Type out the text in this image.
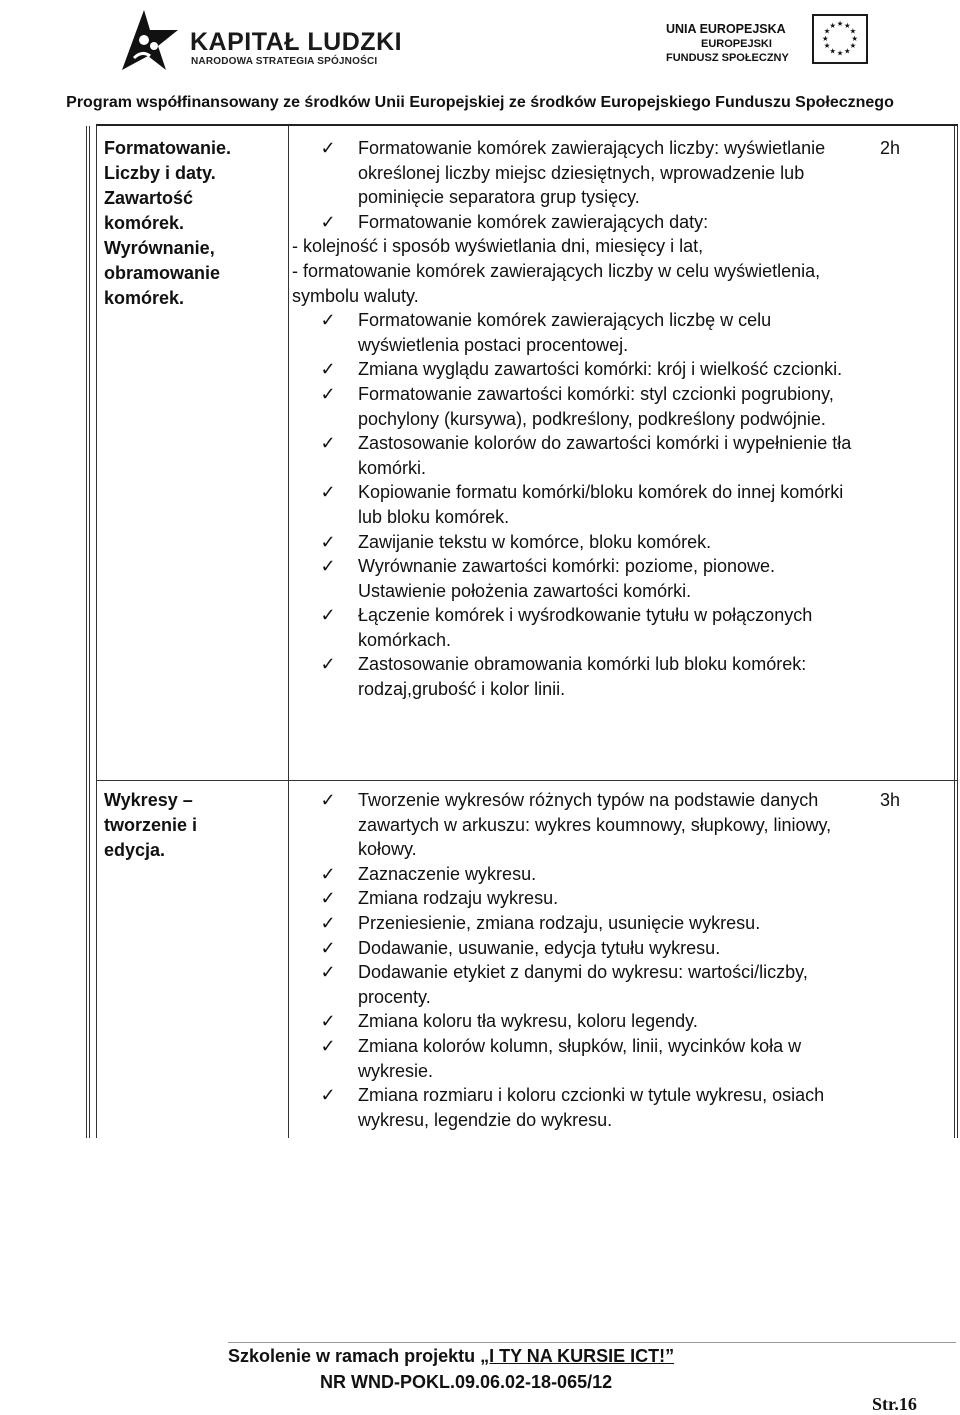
KAPITAŁ LUDZKI
NARODOWA STRATEGIA SPÓJNOŚCI
UNIA EUROPEJSKA
EUROPEJSKI
FUNDUSZ SPOŁECZNY
★ ★
★
★
★
★
★
★
★
★
★
★
Program współfinansowany ze środków Unii Europejskiej ze środków Europejskiego Funduszu Społecznego
Formatowanie.
Liczby i daty.
Zawartość
komórek.
Wyrównanie,
obramowanie
komórek.
2h
✓ Formatowanie komórek zawierających liczby: wyświetlanie określonej liczby miejsc dziesiętnych, wprowadzenie lub pominięcie separatora grup tysięcy.
✓ Formatowanie komórek zawierających daty:
- kolejność i sposób wyświetlania dni, miesięcy i lat,
- formatowanie komórek zawierających liczby w celu wyświetlenia, symbolu waluty.
✓ Formatowanie komórek zawierających liczbę w celu wyświetlenia postaci procentowej.
✓ Zmiana wyglądu zawartości komórki: krój i wielkość czcionki.
✓ Formatowanie zawartości komórki: styl czcionki pogrubiony, pochylony (kursywa), podkreślony, podkreślony podwójnie.
✓ Zastosowanie kolorów do zawartości komórki i wypełnienie tła komórki.
✓ Kopiowanie formatu komórki/bloku komórek do innej komórki lub bloku komórek.
✓ Zawijanie tekstu w komórce, bloku komórek.
✓ Wyrównanie zawartości komórki: poziome, pionowe.
Ustawienie położenia zawartości komórki.
✓ Łączenie komórek i wyśrodkowanie tytułu w połączonych komórkach.
✓ Zastosowanie obramowania komórki lub bloku komórek: rodzaj,grubość i kolor linii.
Wykresy –
tworzenie i
edycja.
3h
✓ Tworzenie wykresów różnych typów na podstawie danych zawartych w arkuszu: wykres koumnowy, słupkowy, liniowy, kołowy.
✓ Zaznaczenie wykresu.
✓ Zmiana rodzaju wykresu.
✓ Przeniesienie, zmiana rodzaju, usunięcie wykresu.
✓ Dodawanie, usuwanie, edycja tytułu wykresu.
✓ Dodawanie etykiet z danymi do wykresu: wartości/liczby, procenty.
✓ Zmiana koloru tła wykresu, koloru legendy.
✓ Zmiana kolorów kolumn, słupków, linii, wycinków koła w wykresie.
✓ Zmiana rozmiaru i koloru czcionki w tytule wykresu, osiach wykresu, legendzie do wykresu.
Szkolenie w ramach projektu „I TY NA KURSIE ICT!”
NR WND-POKL.09.06.02-18-065/12
Str.16
